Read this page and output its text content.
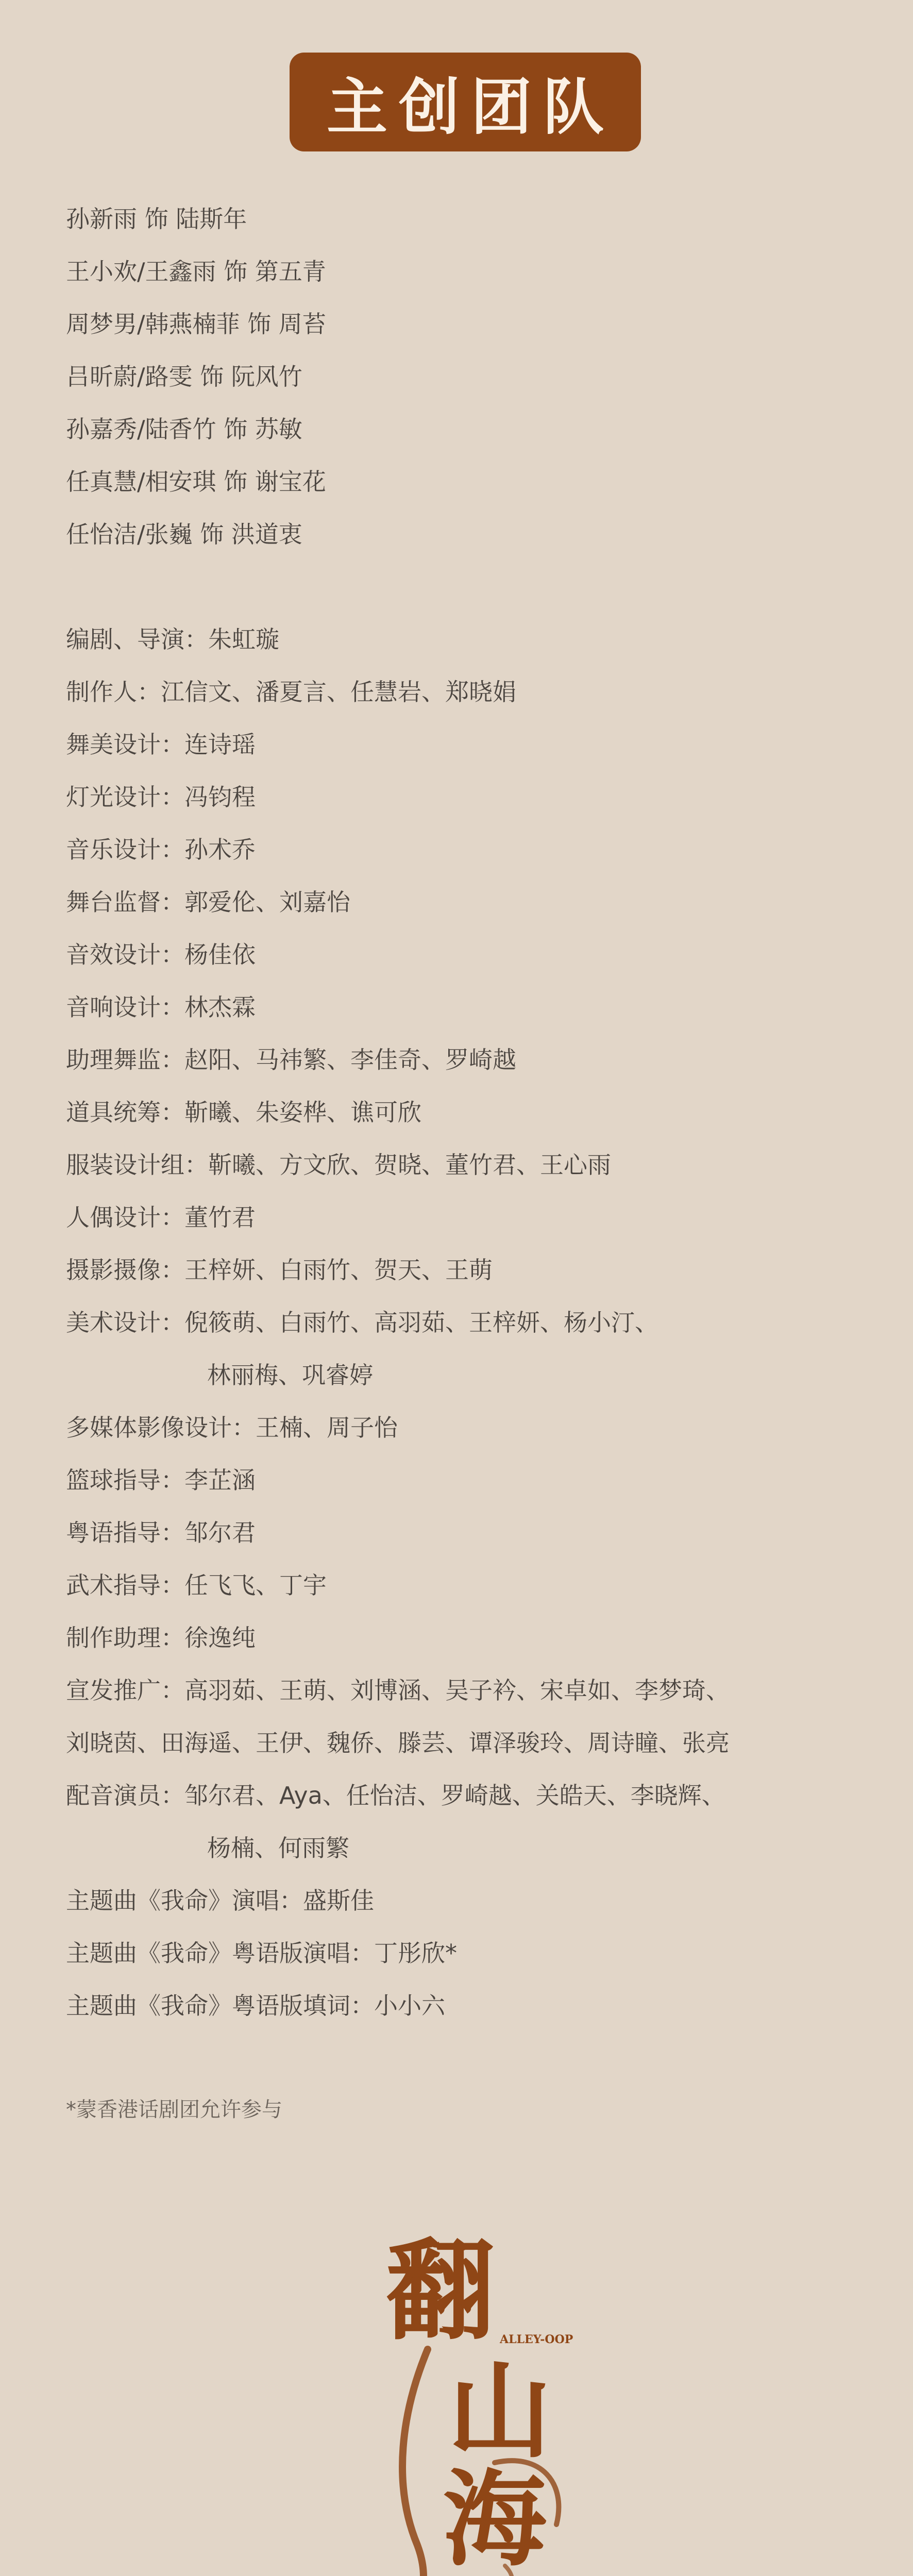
主创团队
孙新雨 饰 陆斯年
王小欢/王鑫雨 饰 第五青
周梦男/韩燕楠菲 饰 周苔
吕昕蔚/路雯 饰 阮风竹
孙嘉秀/陆香竹 饰 苏敏
任真慧/相安琪 饰 谢宝花
任怡洁/张巍 饰 洪道衷
编剧、导演：朱虹璇
制作人：江信文、潘夏言、任慧岩、郑晓娟
舞美设计：连诗瑶
灯光设计：冯钧程
音乐设计：孙术乔
舞台监督：郭爱伦、刘嘉怡
音效设计：杨佳依
音响设计：林杰霖
助理舞监：赵阳、马祎繁、李佳奇、罗崎越
道具统筹：靳曦、朱姿桦、谯可欣
服装设计组：靳曦、方文欣、贺晓、董竹君、王心雨
人偶设计：董竹君
摄影摄像：王梓妍、白雨竹、贺天、王萌
美术设计：倪筱萌、白雨竹、高羽茹、王梓妍、杨小汀、
林丽梅、巩睿婷
多媒体影像设计：王楠、周子怡
篮球指导：李芷涵
粤语指导：邹尔君
武术指导：任飞飞、丁宇
制作助理：徐逸纯
宣发推广：高羽茹、王萌、刘博涵、吴子衿、宋卓如、李梦琦、
刘晓茵、田海遥、王伊、魏侨、滕芸、谭泽骏玲、周诗瞳、张亮
配音演员：邹尔君、Aya、任怡洁、罗崎越、关皓天、李晓辉、
杨楠、何雨繁
主题曲《我命》演唱：盛斯佳
主题曲《我命》粤语版演唱：丁彤欣*
主题曲《我命》粤语版填词：小小六
*蒙香港话剧团允许参与
翻
山
海
ALLEY-OOP
